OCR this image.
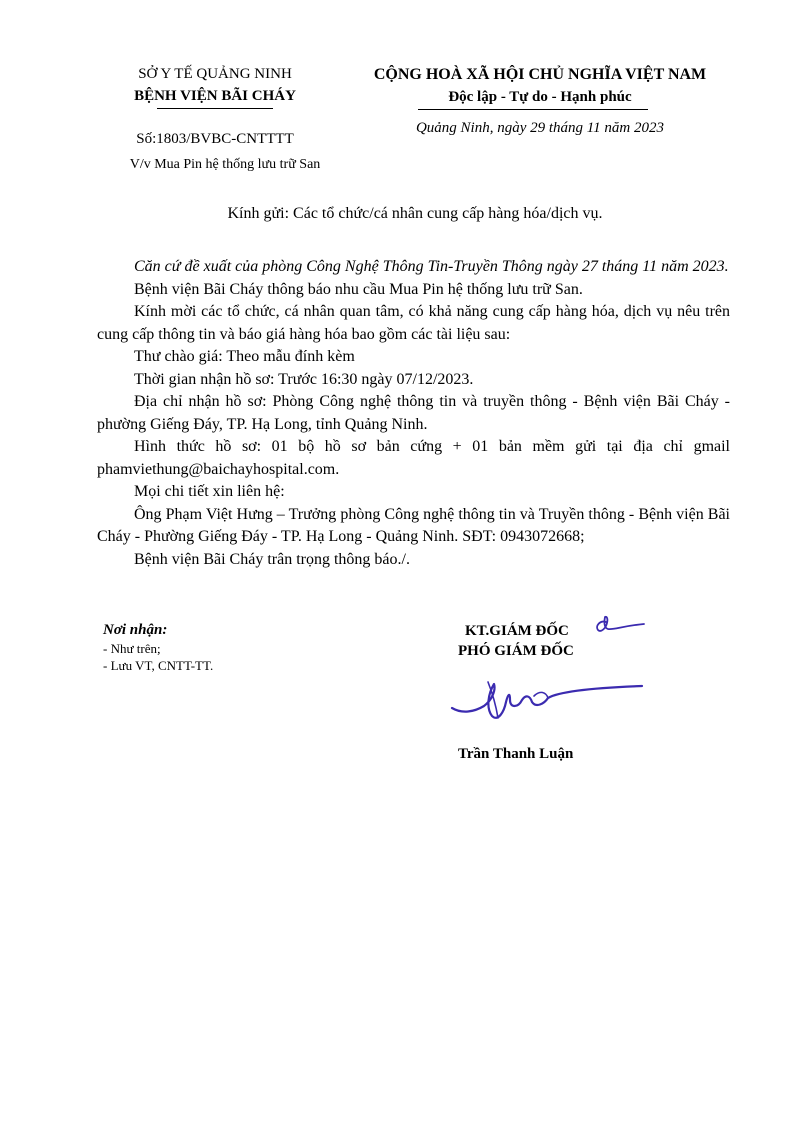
SỞ Y TẾ QUẢNG NINH
BỆNH VIỆN BÃI CHÁY
Số:1803/BVBC-CNTTTT
V/v Mua Pin hệ thống lưu trữ San
CỘNG HOÀ XÃ HỘI CHỦ NGHĨA VIỆT NAM
Độc lập - Tự do - Hạnh phúc
Quảng Ninh, ngày 29 tháng 11 năm 2023
Kính gửi: Các tổ chức/cá nhân cung cấp hàng hóa/dịch vụ.

Căn cứ đề xuất của phòng Công Nghệ Thông Tin-Truyền Thông ngày 27 tháng 11 năm 2023.

Bệnh viện Bãi Cháy thông báo nhu cầu Mua Pin hệ thống lưu trữ San.

Kính mời các tổ chức, cá nhân quan tâm, có khả năng cung cấp hàng hóa, dịch vụ nêu trên cung cấp thông tin và báo giá hàng hóa bao gồm các tài liệu sau:

Thư chào giá: Theo mẫu đính kèm

Thời gian nhận hồ sơ: Trước 16:30 ngày 07/12/2023.

Địa chỉ nhận hồ sơ: Phòng Công nghệ thông tin và truyền thông - Bệnh viện Bãi Cháy - phường Giếng Đáy, TP. Hạ Long, tỉnh Quảng Ninh.

Hình thức hồ sơ: 01 bộ hồ sơ bản cứng + 01 bản mềm gửi tại địa chỉ gmail phamviethung@baichayhospital.com.

Mọi chi tiết xin liên hệ:

Ông Phạm Việt Hưng – Trưởng phòng Công nghệ thông tin và Truyền thông - Bệnh viện Bãi Cháy - Phường Giếng Đáy - TP. Hạ Long - Quảng Ninh. SĐT: 0943072668;

Bệnh viện Bãi Cháy trân trọng thông báo./.

Nơi nhận:
- Như trên;
- Lưu VT, CNTT-TT.
KT.GIÁM ĐỐC
PHÓ GIÁM ĐỐC
Trần Thanh Luận
